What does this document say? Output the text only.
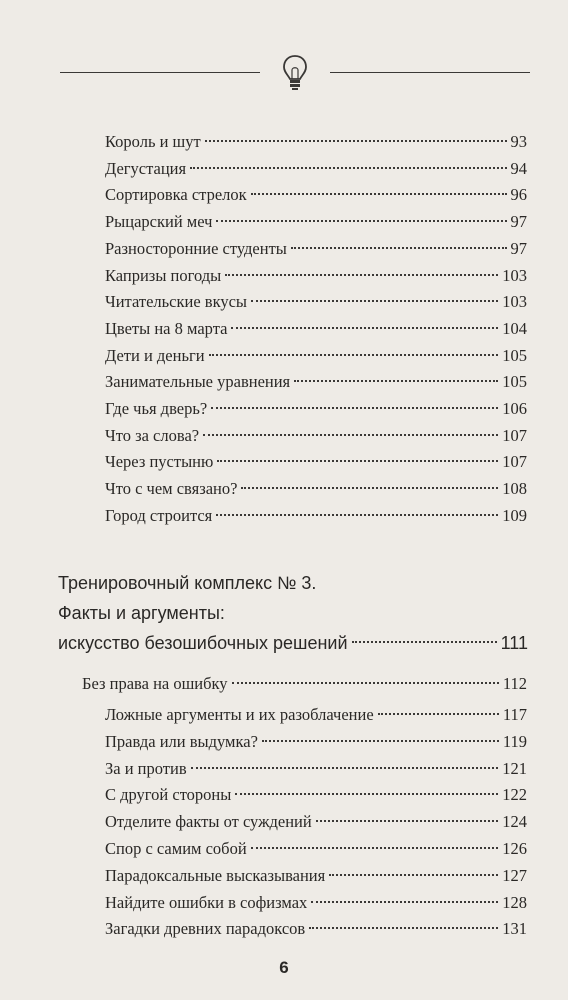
Король и шут	93
Дегустация	94
Сортировка стрелок	96
Рыцарский меч	97
Разносторонние студенты	97
Капризы погоды	103
Читательские вкусы	103
Цветы на 8 марта	104
Дети и деньги	105
Занимательные уравнения	105
Где чья дверь?	106
Что за слова?	107
Через пустыню	107
Что с чем связано?	108
Город строится	109
Тренировочный комплекс № 3.
Факты и аргументы:
искусство безошибочных решений	111
Без права на ошибку	112
Ложные аргументы и их разоблачение	117
Правда или выдумка?	119
За и против	121
С другой стороны	122
Отделите факты от суждений	124
Спор с самим собой	126
Парадоксальные высказывания	127
Найдите ошибки в софизмах	128
Загадки древних парадоксов	131
6
